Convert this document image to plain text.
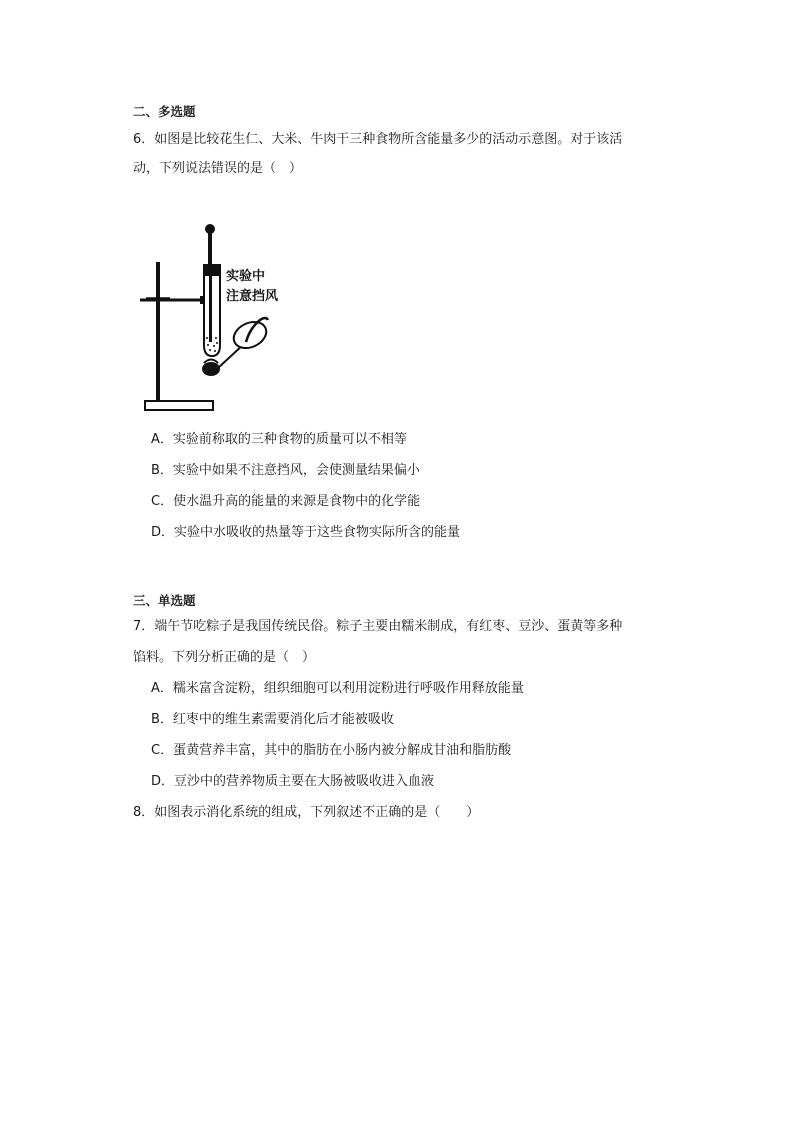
二、多选题
6．如图是比较花生仁、大米、牛肉干三种食物所含能量多少的活动示意图。对于该活
动，下列说法错误的是（　）
实验中
注意挡风
A．实验前称取的三种食物的质量可以不相等
B．实验中如果不注意挡风，会使测量结果偏小
C．使水温升高的能量的来源是食物中的化学能
D．实验中水吸收的热量等于这些食物实际所含的能量
三、单选题
7．端午节吃粽子是我国传统民俗。粽子主要由糯米制成，有红枣、豆沙、蛋黄等多种
馅料。下列分析正确的是（　）
A．糯米富含淀粉，组织细胞可以利用淀粉进行呼吸作用释放能量
B．红枣中的维生素需要消化后才能被吸收
C．蛋黄营养丰富，其中的脂肪在小肠内被分解成甘油和脂肪酸
D．豆沙中的营养物质主要在大肠被吸收进入血液
8．如图表示消化系统的组成，下列叙述不正确的是（　　）
